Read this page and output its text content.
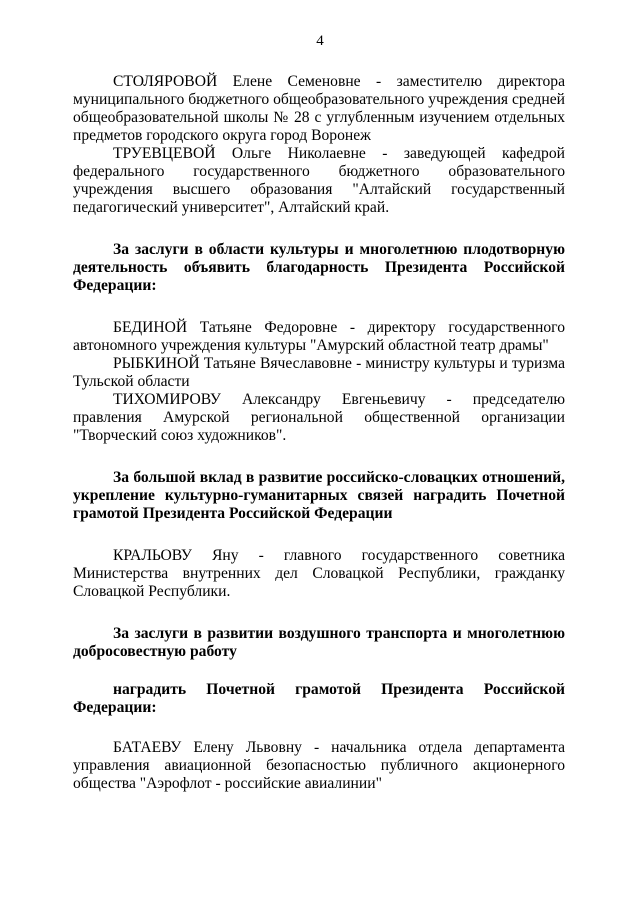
4

СТОЛЯРОВОЙ Елене Семеновне - заместителю директора муниципального бюджетного общеобразовательного учреждения средней общеобразовательной школы № 28 с углубленным изучением отдельных предметов городского округа город Воронеж

ТРУЕВЦЕВОЙ Ольге Николаевне - заведующей кафедрой федерального государственного бюджетного образовательного учреждения высшего образования "Алтайский государственный педагогический университет", Алтайский край.

За заслуги в области культуры и многолетнюю плодотворную деятельность объявить благодарность Президента Российской Федерации:

БЕДИНОЙ Татьяне Федоровне - директору государственного автономного учреждения культуры "Амурский областной театр драмы"

РЫБКИНОЙ Татьяне Вячеславовне - министру культуры и туризма Тульской области

ТИХОМИРОВУ Александру Евгеньевичу - председателю правления Амурской региональной общественной организации "Творческий союз художников".

За большой вклад в развитие российско-словацких отношений, укрепление культурно-гуманитарных связей наградить Почетной грамотой Президента Российской Федерации

КРАЛЬОВУ Яну - главного государственного советника Министерства внутренних дел Словацкой Республики, гражданку Словацкой Республики.

За заслуги в развитии воздушного транспорта и многолетнюю добросовестную работу

наградить Почетной грамотой Президента Российской Федерации:

БАТАЕВУ Елену Львовну - начальника отдела департамента управления авиационной безопасностью публичного акционерного общества "Аэрофлот - российские авиалинии"
